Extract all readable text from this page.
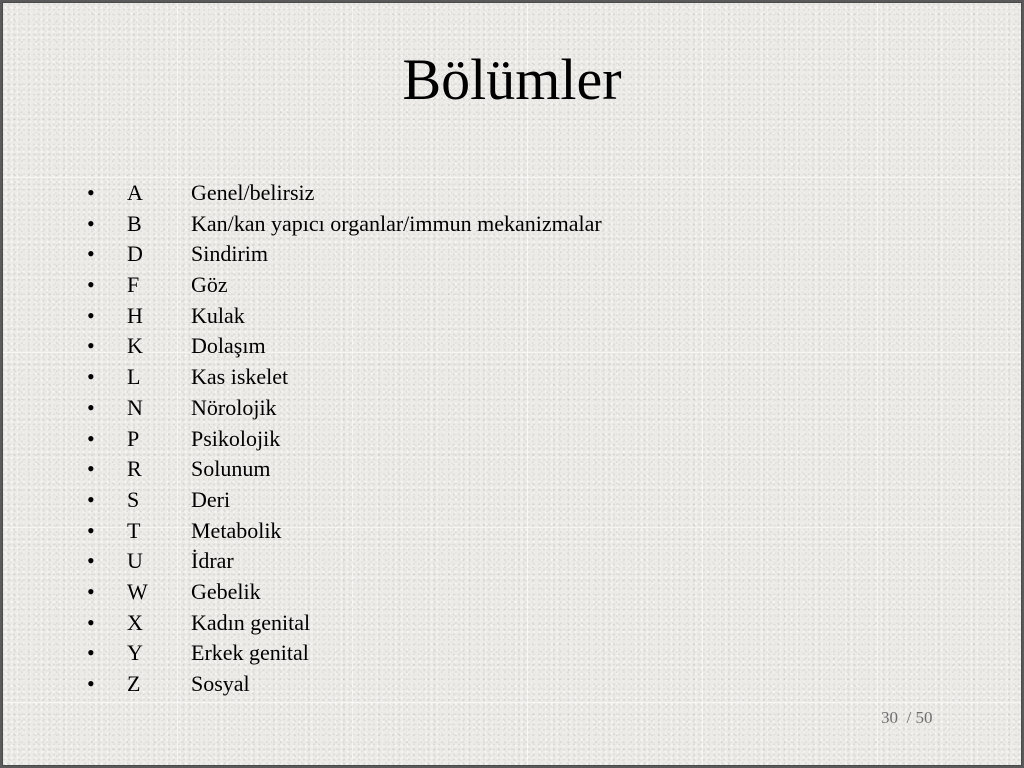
Bölümler
•	A	Genel/belirsiz
•	B	Kan/kan yapıcı organlar/immun mekanizmalar
•	D	Sindirim
•	F	Göz
•	H	Kulak
•	K	Dolaşım
•	L	Kas iskelet
•	N	Nörolojik
•	P	Psikolojik
•	R	Solunum
•	S	Deri
•	T	Metabolik
•	U	İdrar
•	W	Gebelik
•	X	Kadın genital
•	Y	Erkek genital
•	Z	Sosyal
30  / 50
